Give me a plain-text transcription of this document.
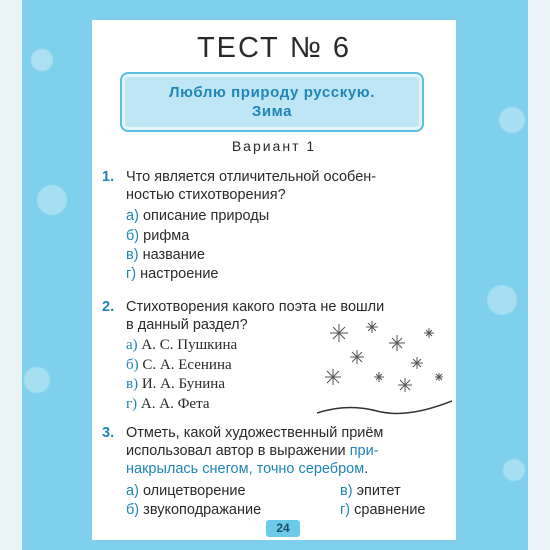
ТЕСТ № 6
Люблю природу русскую.
Зима
Вариант 1
1. Что является отличительной особен-
ностью стихотворения?
а) описание природы
б) рифма
в) название
г) настроение
2. Стихотворения какого поэта не вошли
в данный раздел?
а) А. С. Пушкина
б) С. А. Есенина
в) И. А. Бунина
г) А. А. Фета
3. Отметь, какой художественный приём
использовал автор в выражении при-
накрылась снегом, точно серебром.
а) олицетворение	в) эпитет
б) звукоподражание	г) сравнение
24
